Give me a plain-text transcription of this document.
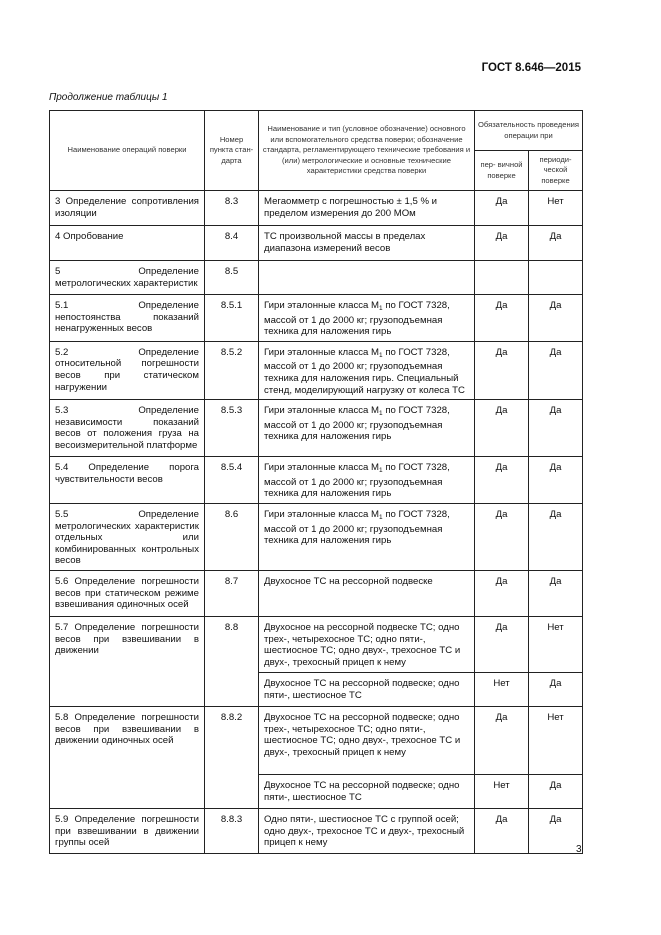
ГОСТ 8.646—2015
Продолжение таблицы 1
Наименование операций поверки	Номер пункта стан- дарта	Наименование и тип (условное обозначение) основного или вспомогательного средства поверки; обозначение стандарта, регламентирующего технические требования и (или) метрологические и основные технические характеристики средства поверки	Обязательность проведения операции при	
			пер- вичной поверке	периоди- ческой поверке
3 Определение сопротивления изоляции	8.3	Мегаомметр с погрешностью ± 1,5 % и пределом измерения до 200 МОм	Да	Нет
4 Опробование	8.4	ТС произвольной массы в пределах диапазона измерений весов	Да	Да
5 Определение метрологических характеристик	8.5			
5.1 Определение непостоянства показаний ненагруженных весов	8.5.1	Гири эталонные класса $М_1$ по ГОСТ 7328, массой от 1 до 2000 кг; грузоподъемная техника для наложения гирь	Да	Да
5.2 Определение относительной погрешности весов при статическом нагружении	8.5.2	Гири эталонные класса $М_1$ по ГОСТ 7328, массой от 1 до 2000 кг; грузоподъемная техника для наложения гирь. Специальный стенд, моделирующий нагрузку от колеса ТС	Да	Да
5.3 Определение независимости показаний весов от положения груза на весоизмерительной платформе	8.5.3	Гири эталонные класса $М_1$ по ГОСТ 7328, массой от 1 до 2000 кг; грузоподъемная техника для наложения гирь	Да	Да
5.4 Определение порога чувствительности весов	8.5.4	Гири эталонные класса $М_1$ по ГОСТ 7328, массой от 1 до 2000 кг; грузоподъемная техника для наложения гирь	Да	Да
5.5 Определение метрологических характеристик отдельных или комбинированных контрольных весов	8.6	Гири эталонные класса $М_1$ по ГОСТ 7328, массой от 1 до 2000 кг; грузоподъемная техника для наложения гирь	Да	Да
5.6 Определение погрешности весов при статическом режиме взвешивания одиночных осей	8.7	Двухосное ТС на рессорной подвеске	Да	Да
5.7 Определение погрешности весов при взвешивании в движении	8.8	Двухосное на рессорной подвеске ТС; одно трех-, четырехосное ТС; одно пяти-, шестиосное ТС; одно двух-, трехосное ТС и двух-, трехосный прицеп к нему	Да	Нет
		Двухосное ТС на рессорной подвеске; одно пяти-, шестиосное ТС	Нет	Да
5.8 Определение погрешности весов при взвешивании в движении одиночных осей	8.8.2	Двухосное ТС на рессорной подвеске; одно трех-, четырехосное ТС; одно пяти-, шестиосное ТС; одно двух-, трехосное ТС и двух-, трехосный прицеп к нему	Да	Нет
		Двухосное ТС на рессорной подвеске; одно пяти-, шестиосное ТС	Нет	Да
5.9 Определение погрешности при взвешивании в движении группы осей	8.8.3	Одно пяти-, шестиосное ТС с группой осей; одно двух-, трехосное ТС и двух-, трехосный прицеп к нему	Да	Да
3
